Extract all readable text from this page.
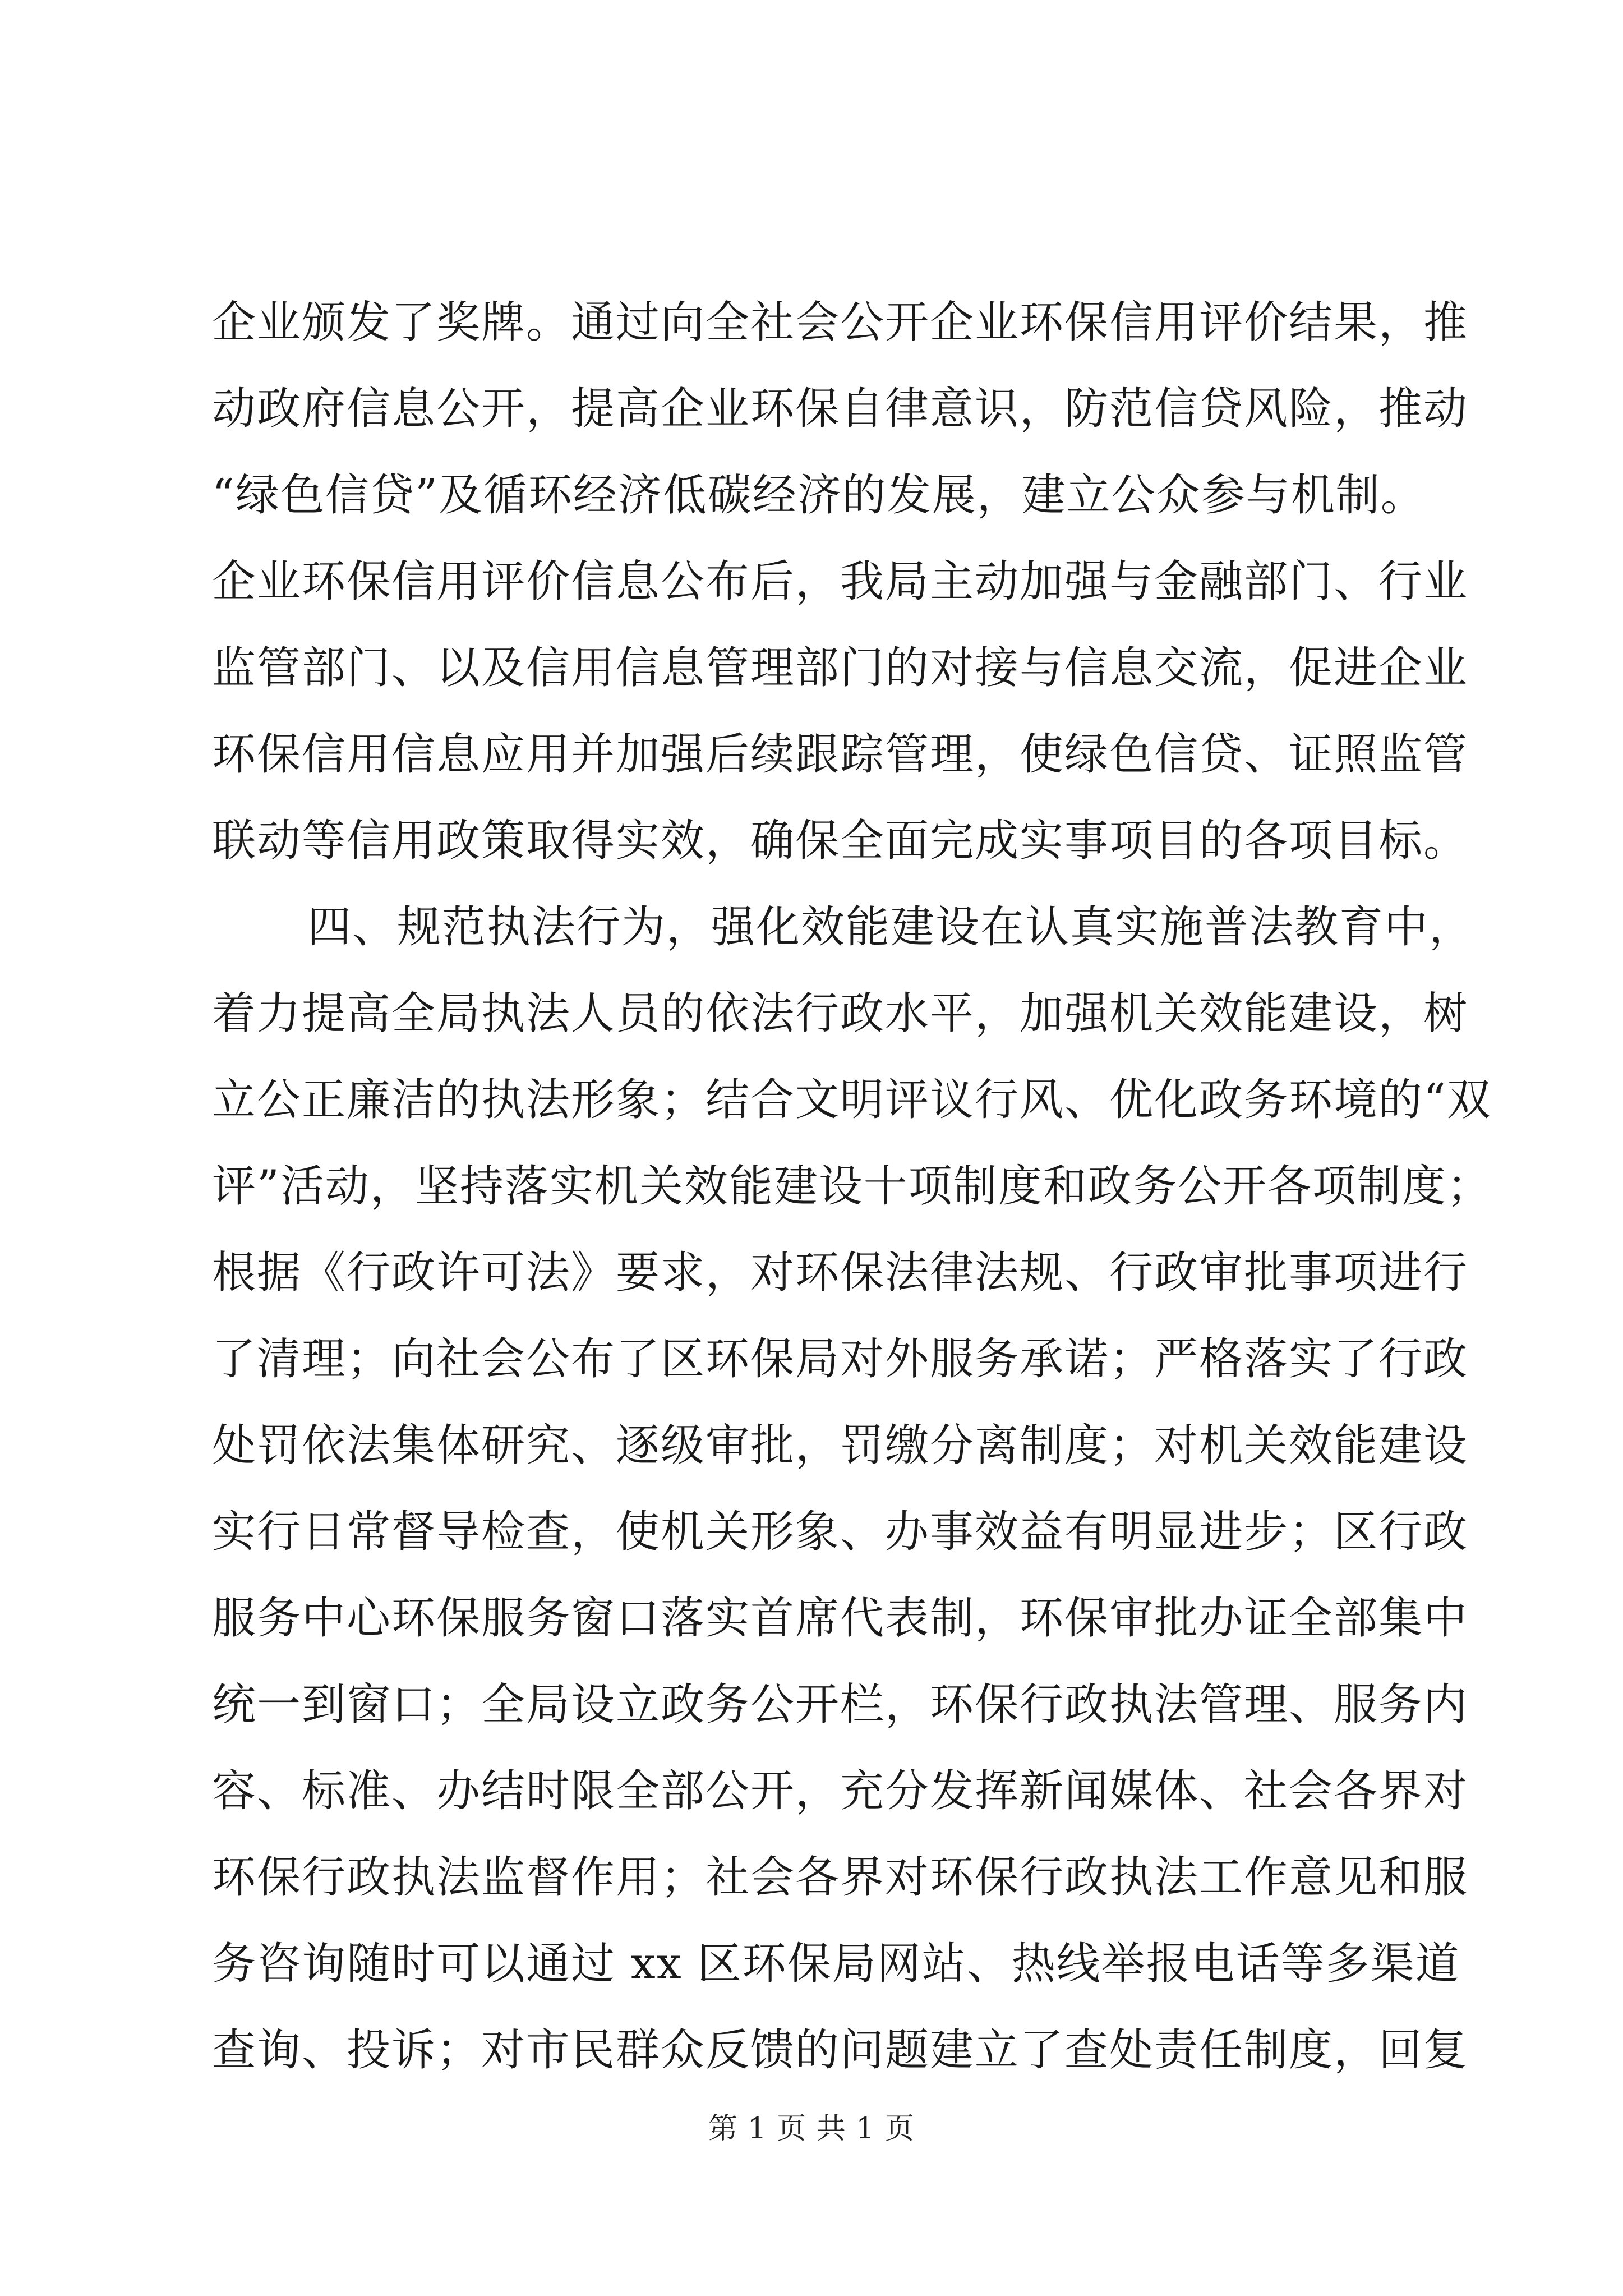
企业颁发了奖牌。通过向全社会公开企业环保信用评价结果，推
动政府信息公开，提高企业环保自律意识，防范信贷风险，推动
“绿色信贷”及循环经济低碳经济的发展，建立公众参与机制。
企业环保信用评价信息公布后，我局主动加强与金融部门、行业
监管部门、以及信用信息管理部门的对接与信息交流，促进企业
环保信用信息应用并加强后续跟踪管理，使绿色信贷、证照监管
联动等信用政策取得实效，确保全面完成实事项目的各项目标。
四、规范执法行为，强化效能建设在认真实施普法教育中，
着力提高全局执法人员的依法行政水平，加强机关效能建设，树
立公正廉洁的执法形象；结合文明评议行风、优化政务环境的“双
评”活动，坚持落实机关效能建设十项制度和政务公开各项制度；
根据《行政许可法》要求，对环保法律法规、行政审批事项进行
了清理；向社会公布了区环保局对外服务承诺；严格落实了行政
处罚依法集体研究、逐级审批，罚缴分离制度；对机关效能建设
实行日常督导检查，使机关形象、办事效益有明显进步；区行政
服务中心环保服务窗口落实首席代表制，环保审批办证全部集中
统一到窗口；全局设立政务公开栏，环保行政执法管理、服务内
容、标准、办结时限全部公开，充分发挥新闻媒体、社会各界对
环保行政执法监督作用；社会各界对环保行政执法工作意见和服
务咨询随时可以通过 xx 区环保局网站、热线举报电话等多渠道
查询、投诉；对市民群众反馈的问题建立了查处责任制度，回复
第 1 页 共 1 页
